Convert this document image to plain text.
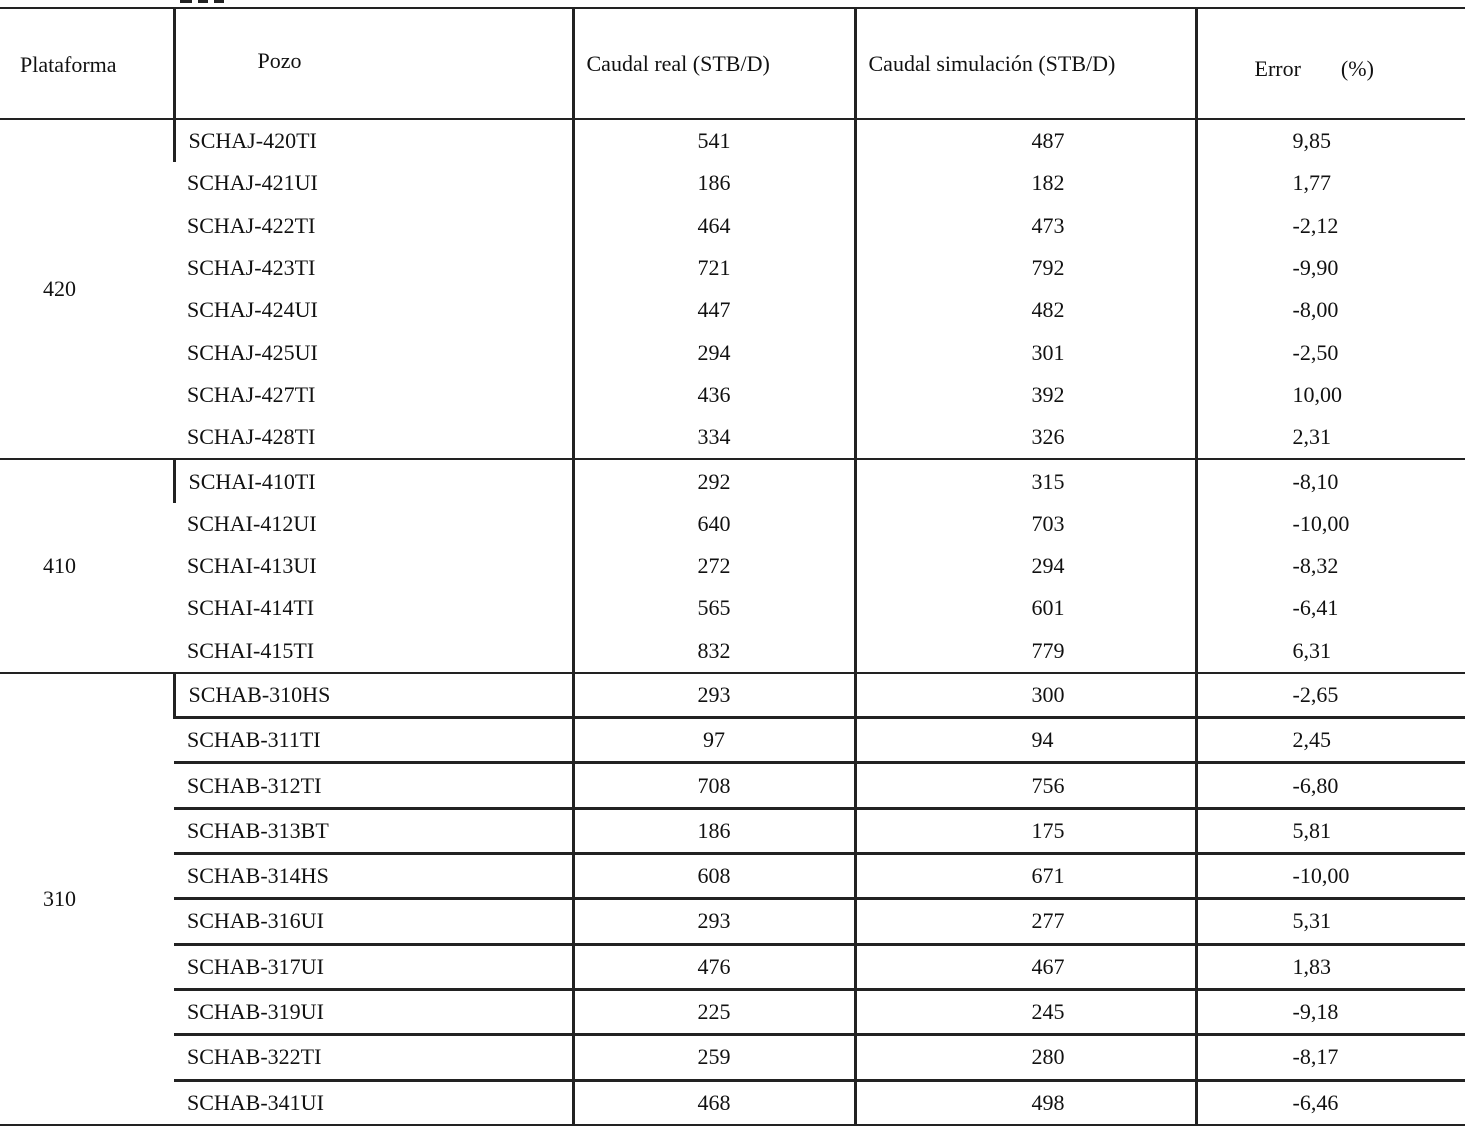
Plataforma	Pozo	Caudal real (STB/D)	Caudal simulación (STB/D)	Error (%)
420	SCHAJ-420TI	541	487	9,85
	SCHAJ-421UI	186	182	1,77
	SCHAJ-422TI	464	473	-2,12
	SCHAJ-423TI	721	792	-9,90
	SCHAJ-424UI	447	482	-8,00
	SCHAJ-425UI	294	301	-2,50
	SCHAJ-427TI	436	392	10,00
	SCHAJ-428TI	334	326	2,31
410	SCHAI-410TI	292	315	-8,10
	SCHAI-412UI	640	703	-10,00
	SCHAI-413UI	272	294	-8,32
	SCHAI-414TI	565	601	-6,41
	SCHAI-415TI	832	779	6,31
310	SCHAB-310HS	293	300	-2,65
	SCHAB-311TI	97	94	2,45
	SCHAB-312TI	708	756	-6,80
	SCHAB-313BT	186	175	5,81
	SCHAB-314HS	608	671	-10,00
	SCHAB-316UI	293	277	5,31
	SCHAB-317UI	476	467	1,83
	SCHAB-319UI	225	245	-9,18
	SCHAB-322TI	259	280	-8,17
	SCHAB-341UI	468	498	-6,46
